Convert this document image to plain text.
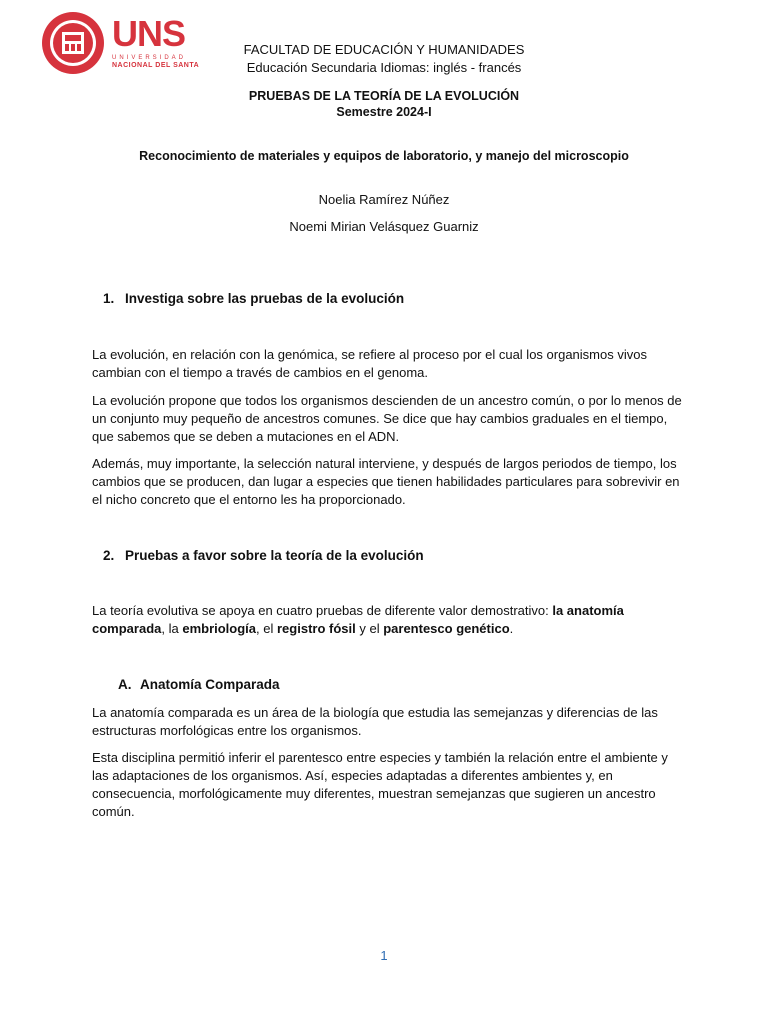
UNS
UNIVERSIDAD
NACIONAL DEL SANTA
FACULTAD DE EDUCACIÓN Y HUMANIDADES
Educación Secundaria Idiomas: inglés - francés
PRUEBAS DE LA TEORÍA DE LA EVOLUCIÓN
Semestre 2024-I
Reconocimiento de materiales y equipos de laboratorio, y manejo del microscopio
Noelia Ramírez Núñez
Noemi Mirian Velásquez Guarniz
1. Investiga sobre las pruebas de la evolución

La evolución, en relación con la genómica, se refiere al proceso por el cual los organismos vivos cambian con el tiempo a través de cambios en el genoma.

La evolución propone que todos los organismos descienden de un ancestro común, o por lo menos de un conjunto muy pequeño de ancestros comunes. Se dice que hay cambios graduales en el tiempo, que sabemos que se deben a mutaciones en el ADN.

Además, muy importante, la selección natural interviene, y después de largos periodos de tiempo, los cambios que se producen, dan lugar a especies que tienen habilidades particulares para sobrevivir en el nicho concreto que el entorno les ha proporcionado.

2. Pruebas a favor sobre la teoría de la evolución

La teoría evolutiva se apoya en cuatro pruebas de diferente valor demostrativo: la anatomía comparada, la embriología, el registro fósil y el parentesco genético.

A. Anatomía Comparada

La anatomía comparada es un área de la biología que estudia las semejanzas y diferencias de las estructuras morfológicas entre los organismos.

Esta disciplina permitió inferir el parentesco entre especies y también la relación entre el ambiente y las adaptaciones de los organismos. Así, especies adaptadas a diferentes ambientes y, en consecuencia, morfológicamente muy diferentes, muestran semejanzas que sugieren un ancestro común.

1
